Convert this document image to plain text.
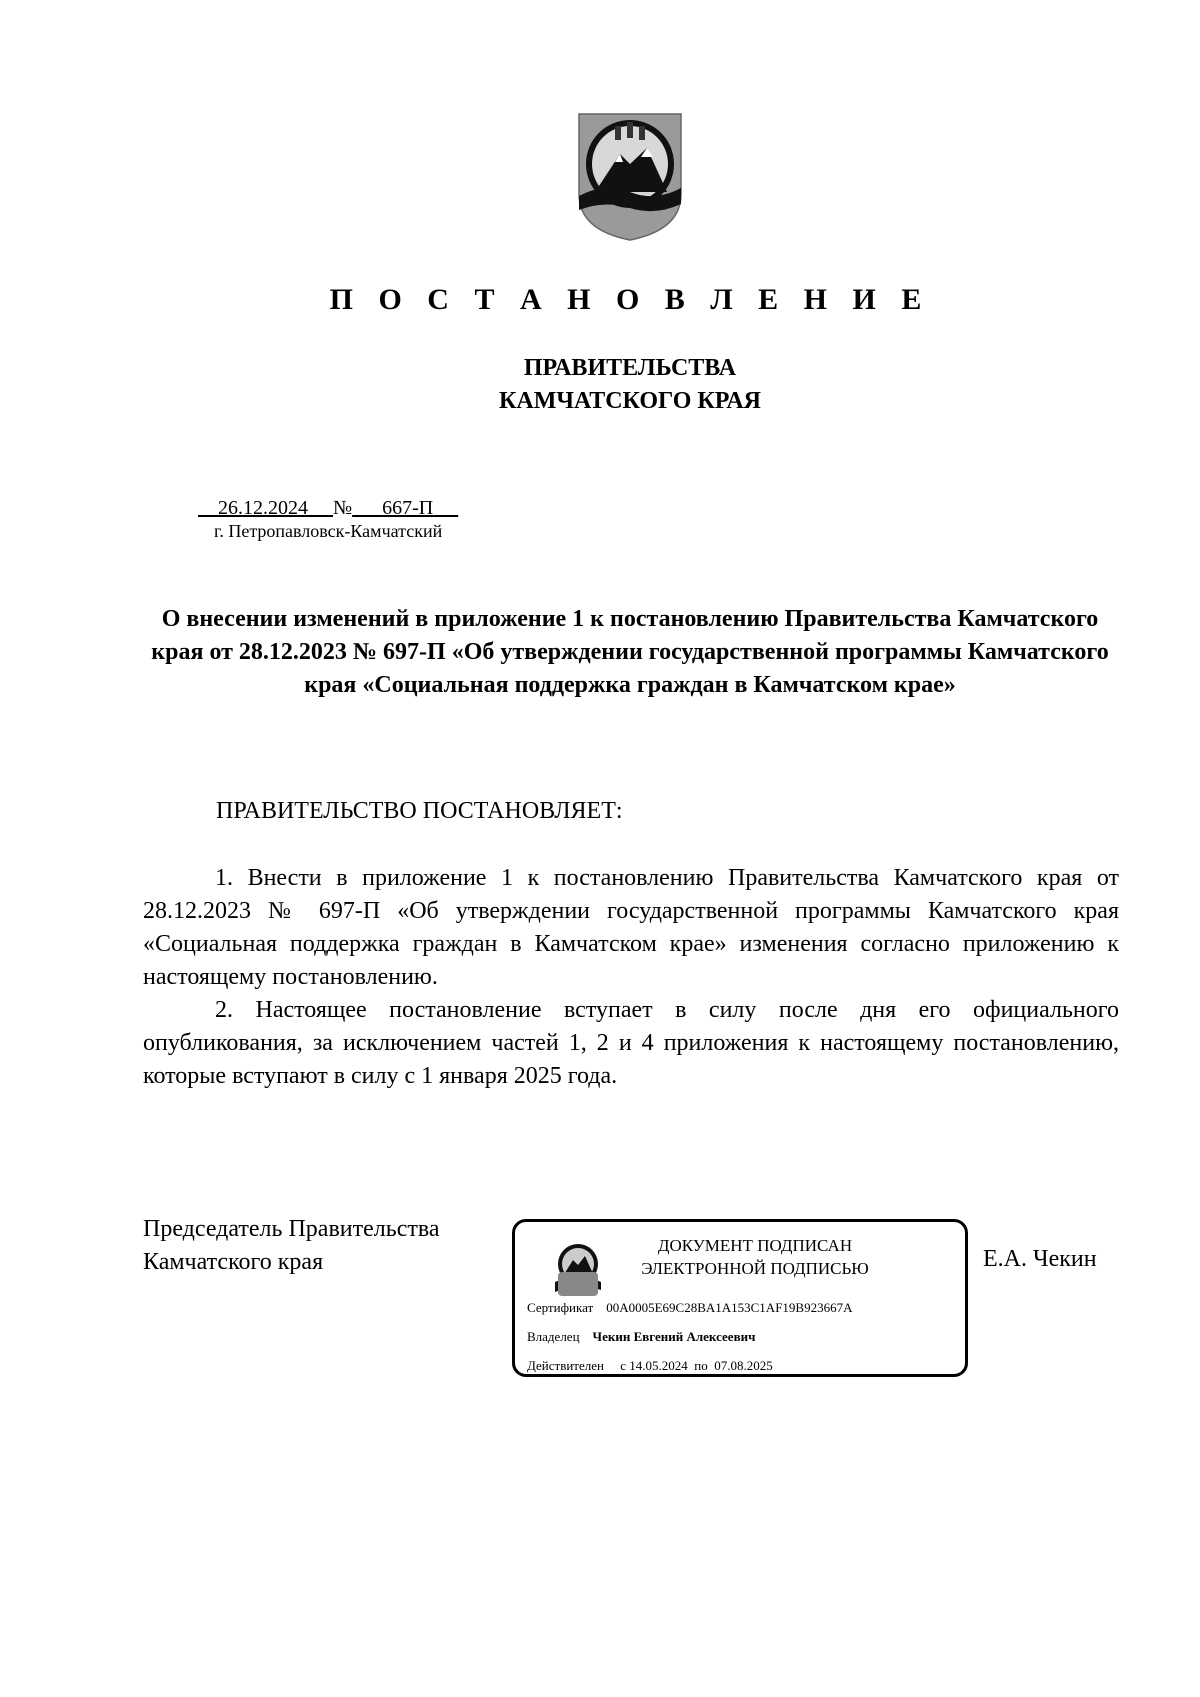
П О С Т А Н О В Л Е Н И Е
ПРАВИТЕЛЬСТВА
КАМЧАТСКОГО КРАЯ
26.12.2024 № 667-П
г. Петропавловск-Камчатский
О внесении изменений в приложение 1 к постановлению Правительства Камчатского края от 28.12.2023 № 697-П «Об утверждении государственной программы Камчатского края «Социальная поддержка граждан в Камчатском крае»
ПРАВИТЕЛЬСТВО ПОСТАНОВЛЯЕТ:

1. Внести в приложение 1 к постановлению Правительства Камчатского края от 28.12.2023 № 697-П «Об утверждении государственной программы Камчатского края «Социальная поддержка граждан в Камчатском крае» изменения согласно приложению к настоящему постановлению.

2. Настоящее постановление вступает в силу после дня его официального опубликования, за исключением частей 1, 2 и 4 приложения к настоящему постановлению, которые вступают в силу с 1 января 2025 года.

Председатель Правительства
Камчатского края
ДОКУМЕНТ ПОДПИСАН
ЭЛЕКТРОННОЙ ПОДПИСЬЮ
Сертификат 00A0005E69C28BA1A153C1AF19B923667A
Владелец Чекин Евгений Алексеевич
Действителен с 14.05.2024 по 07.08.2025
Е.А. Чекин
